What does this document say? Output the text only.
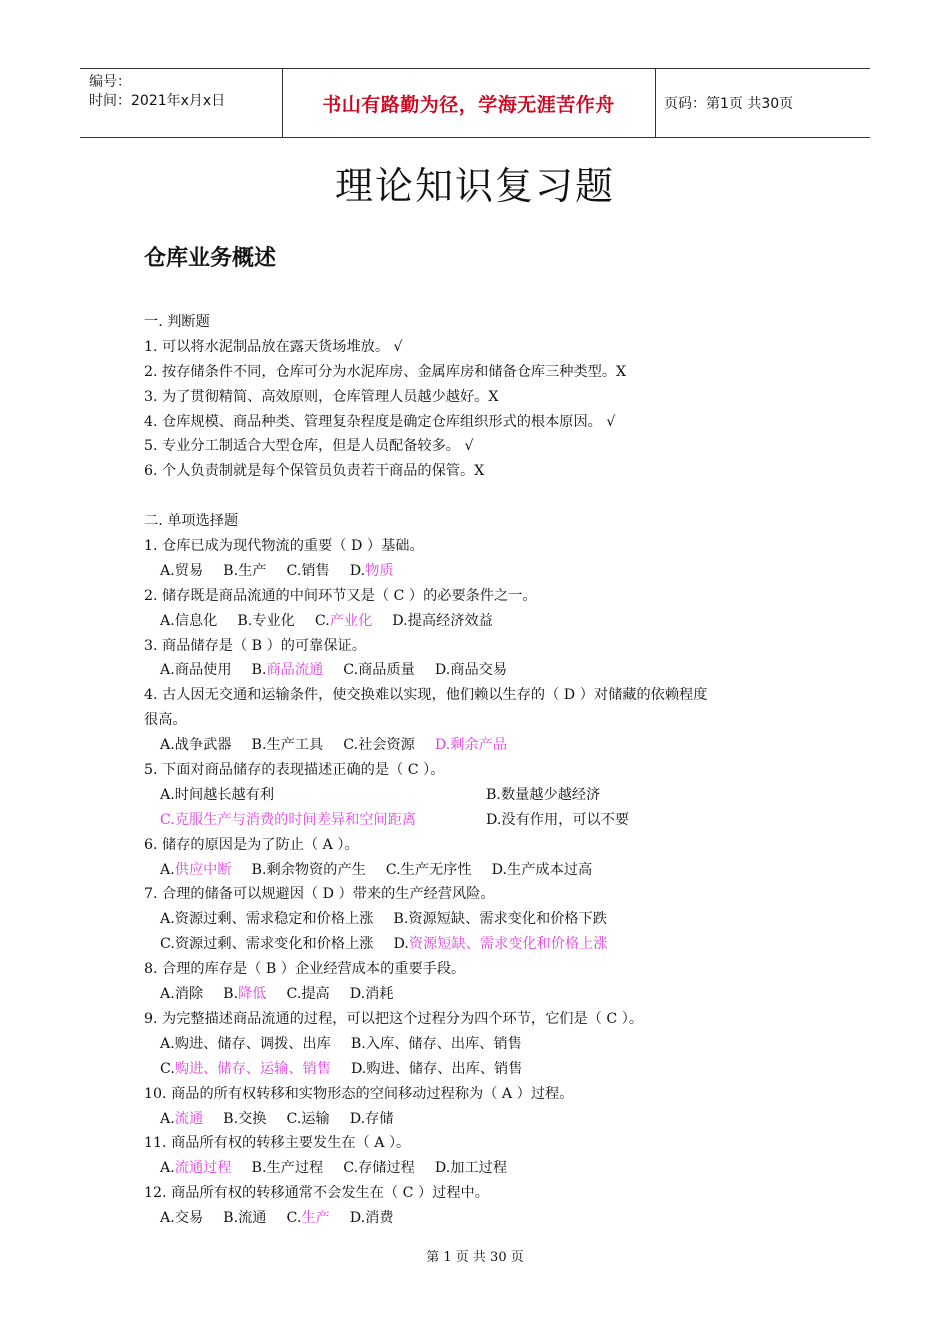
编号：
时间：2021年x月x日	书山有路勤为径，学海无涯苦作舟	页码：第1页 共30页
理论知识复习题
仓库业务概述
一. 判断题
1. 可以将水泥制品放在露天货场堆放。 √
2. 按存储条件不同，仓库可分为水泥库房、金属库房和储备仓库三种类型。X
3. 为了贯彻精简、高效原则，仓库管理人员越少越好。X
4. 仓库规模、商品种类、管理复杂程度是确定仓库组织形式的根本原因。 √
5. 专业分工制适合大型仓库，但是人员配备较多。 √
6. 个人负责制就是每个保管员负责若干商品的保管。X
二. 单项选择题
1. 仓库已成为现代物流的重要（ D ）基础。
A.贸易 B.生产 C.销售 D.物质
2. 储存既是商品流通的中间环节又是（ C ）的必要条件之一。
A.信息化 B.专业化 C.产业化 D.提高经济效益
3. 商品储存是（ B ）的可靠保证。
A.商品使用 B.商品流通 C.商品质量 D.商品交易
4. 古人因无交通和运输条件，使交换难以实现，他们赖以生存的（ D ）对储藏的依赖程度
很高。
A.战争武器 B.生产工具 C.社会资源 D.剩余产品
5. 下面对商品储存的表现描述正确的是（ C ）。
A.时间越长越有利	B.数量越少越经济
C.克服生产与消费的时间差异和空间距离	D.没有作用，可以不要
6. 储存的原因是为了防止（ A ）。
A.供应中断 B.剩余物资的产生 C.生产无序性 D.生产成本过高
7. 合理的储备可以规避因（ D ）带来的生产经营风险。
A.资源过剩、需求稳定和价格上涨 B.资源短缺、需求变化和价格下跌
C.资源过剩、需求变化和价格上涨 D.资源短缺、需求变化和价格上涨
8. 合理的库存是（ B ）企业经营成本的重要手段。
A.消除 B.降低 C.提高 D.消耗
9. 为完整描述商品流通的过程，可以把这个过程分为四个环节，它们是（ C ）。
A.购进、储存、调拨、出库 B.入库、储存、出库、销售
C.购进、储存、运输、销售 D.购进、储存、出库、销售
10. 商品的所有权转移和实物形态的空间移动过程称为（ A ）过程。
A.流通 B.交换 C.运输 D.存储
11. 商品所有权的转移主要发生在（ A ）。
A.流通过程 B.生产过程 C.存储过程 D.加工过程
12. 商品所有权的转移通常不会发生在（ C ）过程中。
A.交易 B.流通 C.生产 D.消费
第 1 页 共 30 页
